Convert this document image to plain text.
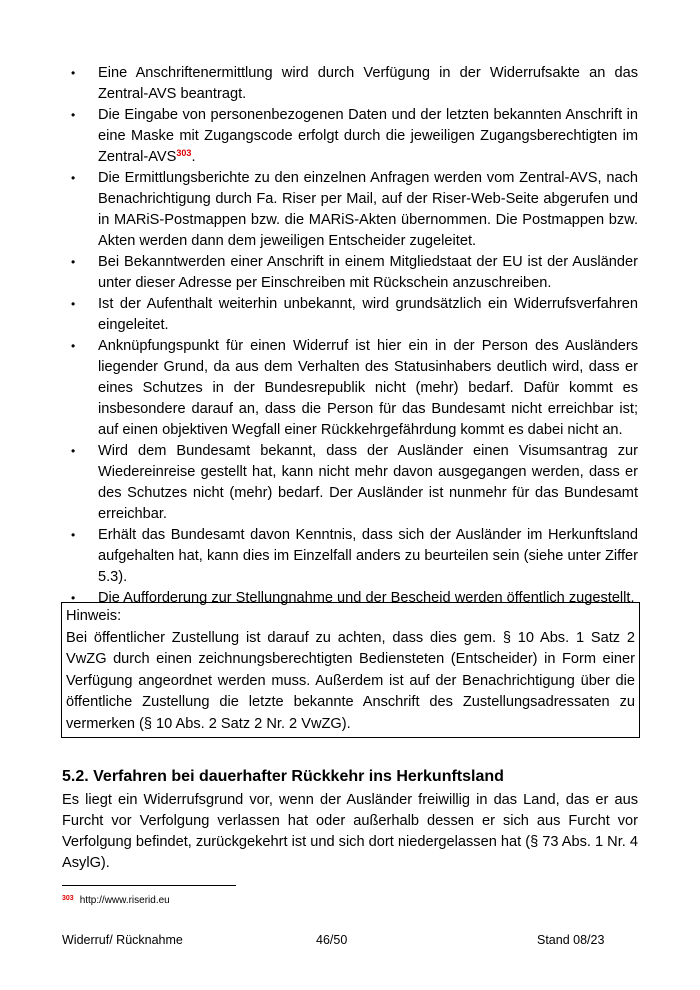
• Eine Anschriftenermittlung wird durch Verfügung in der Widerrufsakte an das Zentral-AVS beantragt.
• Die Eingabe von personenbezogenen Daten und der letzten bekannten Anschrift in eine Maske mit Zugangscode erfolgt durch die jeweiligen Zugangsberechtigten im Zentral-AVS$^{303}$.
• Die Ermittlungsberichte zu den einzelnen Anfragen werden vom Zentral-AVS, nach Benachrichtigung durch Fa. Riser per Mail, auf der Riser-Web-Seite abgerufen und in MARiS-Postmappen bzw. die MARiS-Akten übernommen. Die Postmappen bzw. Akten werden dann dem jeweiligen Entscheider zugeleitet.
• Bei Bekanntwerden einer Anschrift in einem Mitgliedstaat der EU ist der Ausländer unter dieser Adresse per Einschreiben mit Rückschein anzuschreiben.
• Ist der Aufenthalt weiterhin unbekannt, wird grundsätzlich ein Widerrufsverfahren eingeleitet.
• Anknüpfungspunkt für einen Widerruf ist hier ein in der Person des Ausländers liegender Grund, da aus dem Verhalten des Statusinhabers deutlich wird, dass er eines Schutzes in der Bundesrepublik nicht (mehr) bedarf. Dafür kommt es insbesondere darauf an, dass die Person für das Bundesamt nicht erreichbar ist; auf einen objektiven Wegfall einer Rückkehrgefährdung kommt es dabei nicht an.
• Wird dem Bundesamt bekannt, dass der Ausländer einen Visumsantrag zur Wiedereinreise gestellt hat, kann nicht mehr davon ausgegangen werden, dass er des Schutzes nicht (mehr) bedarf. Der Ausländer ist nunmehr für das Bundesamt erreichbar.
• Erhält das Bundesamt davon Kenntnis, dass sich der Ausländer im Herkunftsland aufgehalten hat, kann dies im Einzelfall anders zu beurteilen sein (siehe unter Ziffer 5.3).
• Die Aufforderung zur Stellungnahme und der Bescheid werden öffentlich zugestellt.
Hinweis:
Bei öffentlicher Zustellung ist darauf zu achten, dass dies gem. § 10 Abs. 1 Satz 2 VwZG durch einen zeichnungsberechtigten Bediensteten (Entscheider) in Form einer Verfügung angeordnet werden muss. Außerdem ist auf der Benachrichtigung über die öffentliche Zustellung die letzte bekannte Anschrift des Zustellungsadressaten zu vermerken (§ 10 Abs. 2 Satz 2 Nr. 2 VwZG).
5.2. Verfahren bei dauerhafter Rückkehr ins Herkunftsland

Es liegt ein Widerrufsgrund vor, wenn der Ausländer freiwillig in das Land, das er aus Furcht vor Verfolgung verlassen hat oder außerhalb dessen er sich aus Furcht vor Verfolgung befindet, zurückgekehrt ist und sich dort niedergelassen hat (§ 73 Abs. 1 Nr. 4 AsylG).

$^{303}$ http://www.riserid.eu
Widerruf/ Rücknahme	46/50	Stand 08/23
